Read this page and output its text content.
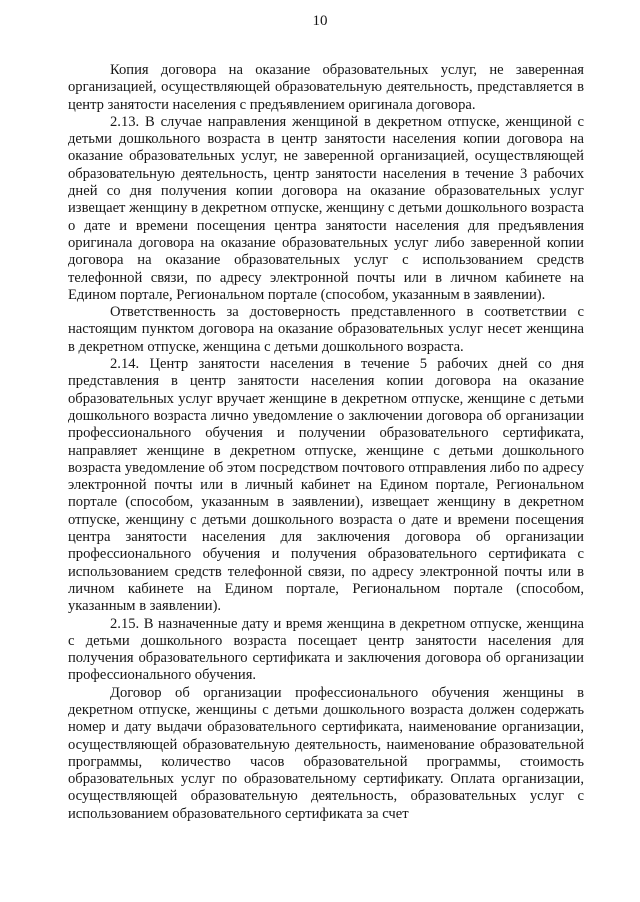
10

Копия договора на оказание образовательных услуг, не заверенная организацией, осуществляющей образовательную деятельность, представляется в центр занятости населения с предъявлением оригинала договора.

2.13. В случае направления женщиной в декретном отпуске, женщиной с детьми дошкольного возраста в центр занятости населения копии договора на оказание образовательных услуг, не заверенной организацией, осуществляющей образовательную деятельность, центр занятости населения в течение 3 рабочих дней со дня получения копии договора на оказание образовательных услуг извещает женщину в декретном отпуске, женщину с детьми дошкольного возраста о дате и времени посещения центра занятости населения для предъявления оригинала договора на оказание образовательных услуг либо заверенной копии договора на оказание образовательных услуг с использованием средств телефонной связи, по адресу электронной почты или в личном кабинете на Едином портале, Региональном портале (способом, указанным в заявлении).

Ответственность за достоверность представленного в соответствии с настоящим пунктом договора на оказание образовательных услуг несет женщина в декретном отпуске, женщина с детьми дошкольного возраста.

2.14. Центр занятости населения в течение 5 рабочих дней со дня представления в центр занятости населения копии договора на оказание образовательных услуг вручает женщине в декретном отпуске, женщине с детьми дошкольного возраста лично уведомление о заключении договора об организации профессионального обучения и получении образовательного сертификата, направляет женщине в декретном отпуске, женщине с детьми дошкольного возраста уведомление об этом посредством почтового отправления либо по адресу электронной почты или в личный кабинет на Едином портале, Региональном портале (способом, указанным в заявлении), извещает женщину в декретном отпуске, женщину с детьми дошкольного возраста о дате и времени посещения центра занятости населения для заключения договора об организации профессионального обучения и получения образовательного сертификата с использованием средств телефонной связи, по адресу электронной почты или в личном кабинете на Едином портале, Региональном портале (способом, указанным в заявлении).

2.15. В назначенные дату и время женщина в декретном отпуске, женщина с детьми дошкольного возраста посещает центр занятости населения для получения образовательного сертификата и заключения договора об организации профессионального обучения.

Договор об организации профессионального обучения женщины в декретном отпуске, женщины с детьми дошкольного возраста должен содержать номер и дату выдачи образовательного сертификата, наименование организации, осуществляющей образовательную деятельность, наименование образовательной программы, количество часов образовательной программы, стоимость образовательных услуг по образовательному сертификату. Оплата организации, осуществляющей образовательную деятельность, образовательных услуг с использованием образовательного сертификата за счет
